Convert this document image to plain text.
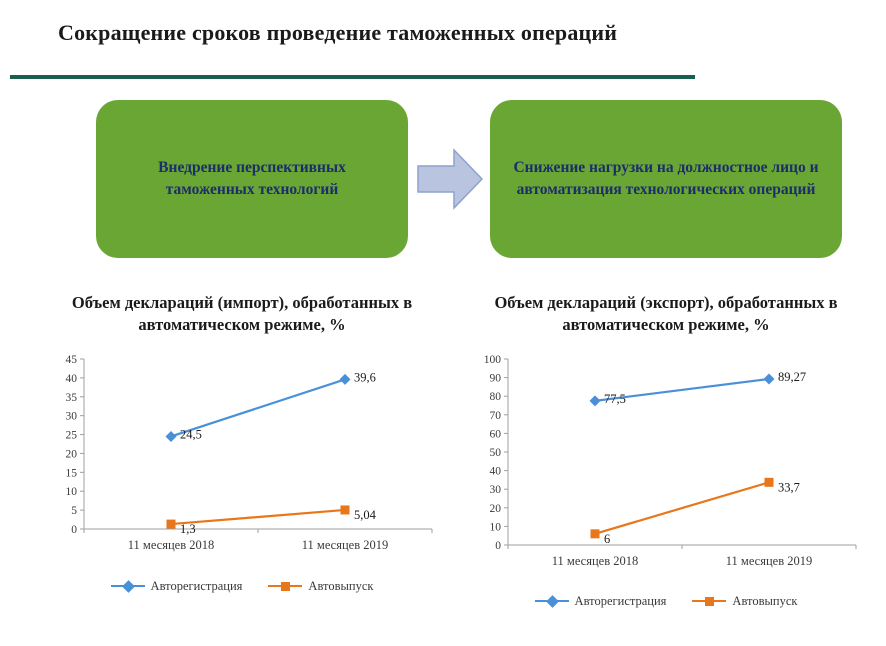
Сокращение сроков проведение таможенных операций
Внедрение перспективных таможенных технологий
Снижение нагрузки на должностное лицо и автоматизация технологических операций
Объем деклараций (импорт), обработанных в автоматическом режиме, %
0
5
10
15
20
25
30
35
40
45
11 месяцев 2018	11 месяцев 2019
24,5
39,6
1,3
5,04
Авторегистрация	Автовыпуск
Объем деклараций (экспорт), обработанных в автоматическом режиме, %
0
10
20
30
40
50
60
70
80
90
100
11 месяцев 2018	11 месяцев 2019
77,5
89,27
6
33,7
Авторегистрация	Автовыпуск
